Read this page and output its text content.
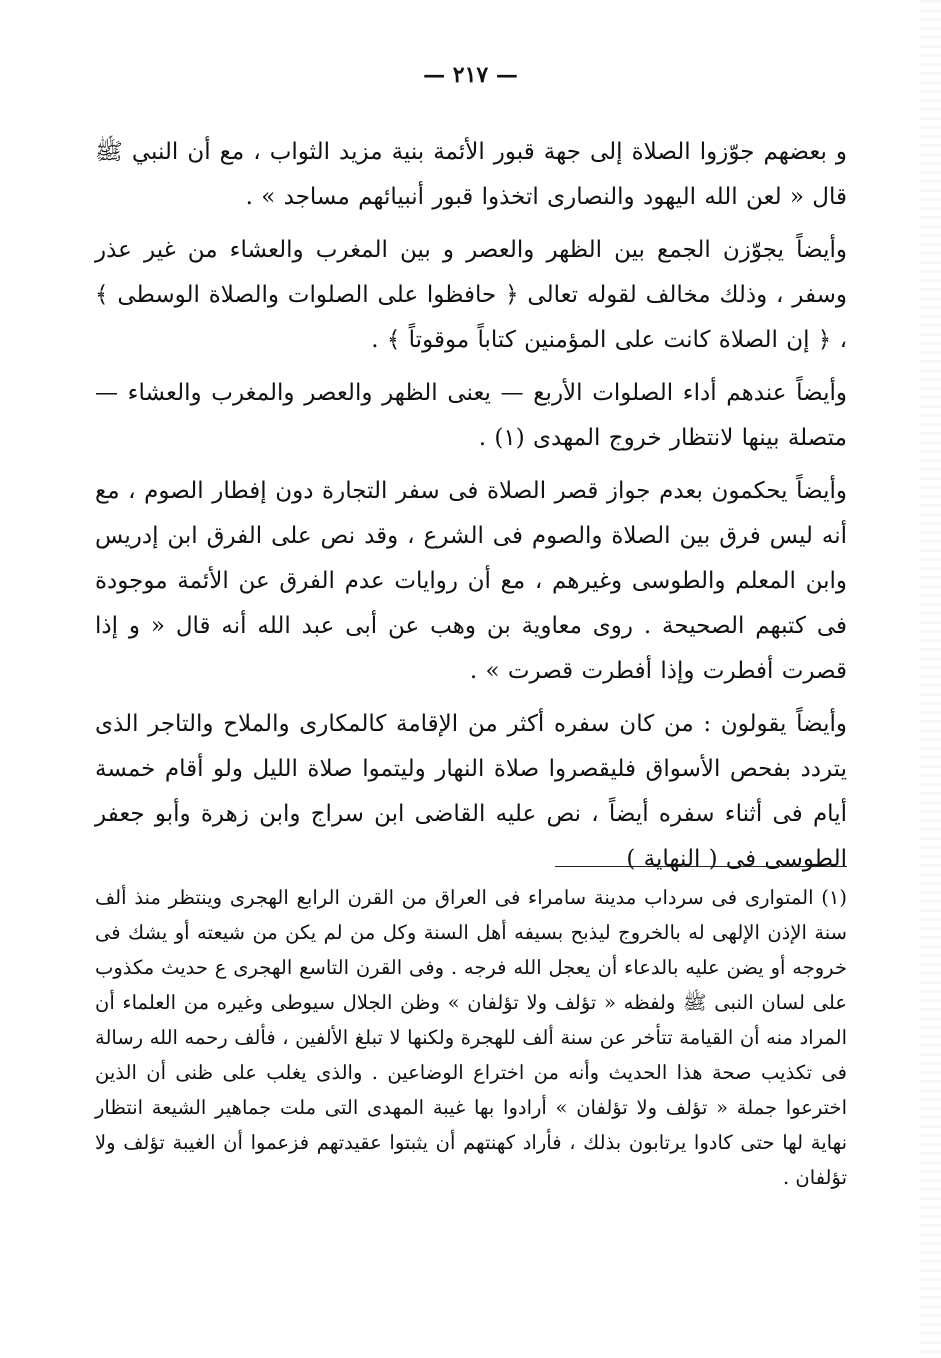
— ٢١٧ —

و بعضهم جوّزوا الصلاة إلى جهة قبور الأئمة بنية مزيد الثواب ، مع أن النبي ﷺ قال « لعن الله اليهود والنصارى اتخذوا قبور أنبيائهم مساجد » .

وأيضاً يجوّزن الجمع بين الظهر والعصر و بين المغرب والعشاء من غير عذر وسفر ، وذلك مخالف لقوله تعالى ﴿ حافظوا على الصلوات والصلاة الوسطى ﴾ ، ﴿ إن الصلاة كانت على المؤمنين كتاباً موقوتاً ﴾ .

وأيضاً عندهم أداء الصلوات الأربع — يعنى الظهر والعصر والمغرب والعشاء — متصلة بينها لانتظار خروج المهدى (١) .

وأيضاً يحكمون بعدم جواز قصر الصلاة فى سفر التجارة دون إفطار الصوم ، مع أنه ليس فرق بين الصلاة والصوم فى الشرع ، وقد نص على الفرق ابن إدريس وابن المعلم والطوسى وغيرهم ، مع أن روايات عدم الفرق عن الأئمة موجودة فى كتبهم الصحيحة . روى معاوية بن وهب عن أبى عبد الله أنه قال « و إذا قصرت أفطرت وإذا أفطرت قصرت » .

وأيضاً يقولون : من كان سفره أكثر من الإقامة كالمكارى والملاح والتاجر الذى يتردد بفحص الأسواق فليقصروا صلاة النهار وليتموا صلاة الليل ولو أقام خمسة أيام فى أثناء سفره أيضاً ، نص عليه القاضى ابن سراج وابن زهرة وأبو جعفر الطوسى فى ( النهاية )

(١) المتوارى فى سرداب مدينة سامراء فى العراق من القرن الرابع الهجرى وينتظر منذ ألف سنة الإذن الإلهى له بالخروج ليذبح بسيفه أهل السنة وكل من لم يكن من شيعته أو يشك فى خروجه أو يضن عليه بالدعاء أن يعجل الله فرجه . وفى القرن التاسع الهجرى ع حديث مكذوب على لسان النبى ﷺ ولفظه « تؤلف ولا تؤلفان » وظن الجلال سيوطى وغيره من العلماء أن المراد منه أن القيامة تتأخر عن سنة ألف للهجرة ولكنها لا تبلغ الألفين ، فألف رحمه الله رسالة فى تكذيب صحة هذا الحديث وأنه من اختراع الوضاعين . والذى يغلب على ظنى أن الذين اخترعوا جملة « تؤلف ولا تؤلفان » أرادوا بها غيبة المهدى التى ملت جماهير الشيعة انتظار نهاية لها حتى كادوا يرتابون بذلك ، فأراد كهنتهم أن يثبتوا عقيدتهم فزعموا أن الغيبة تؤلف ولا تؤلفان .
